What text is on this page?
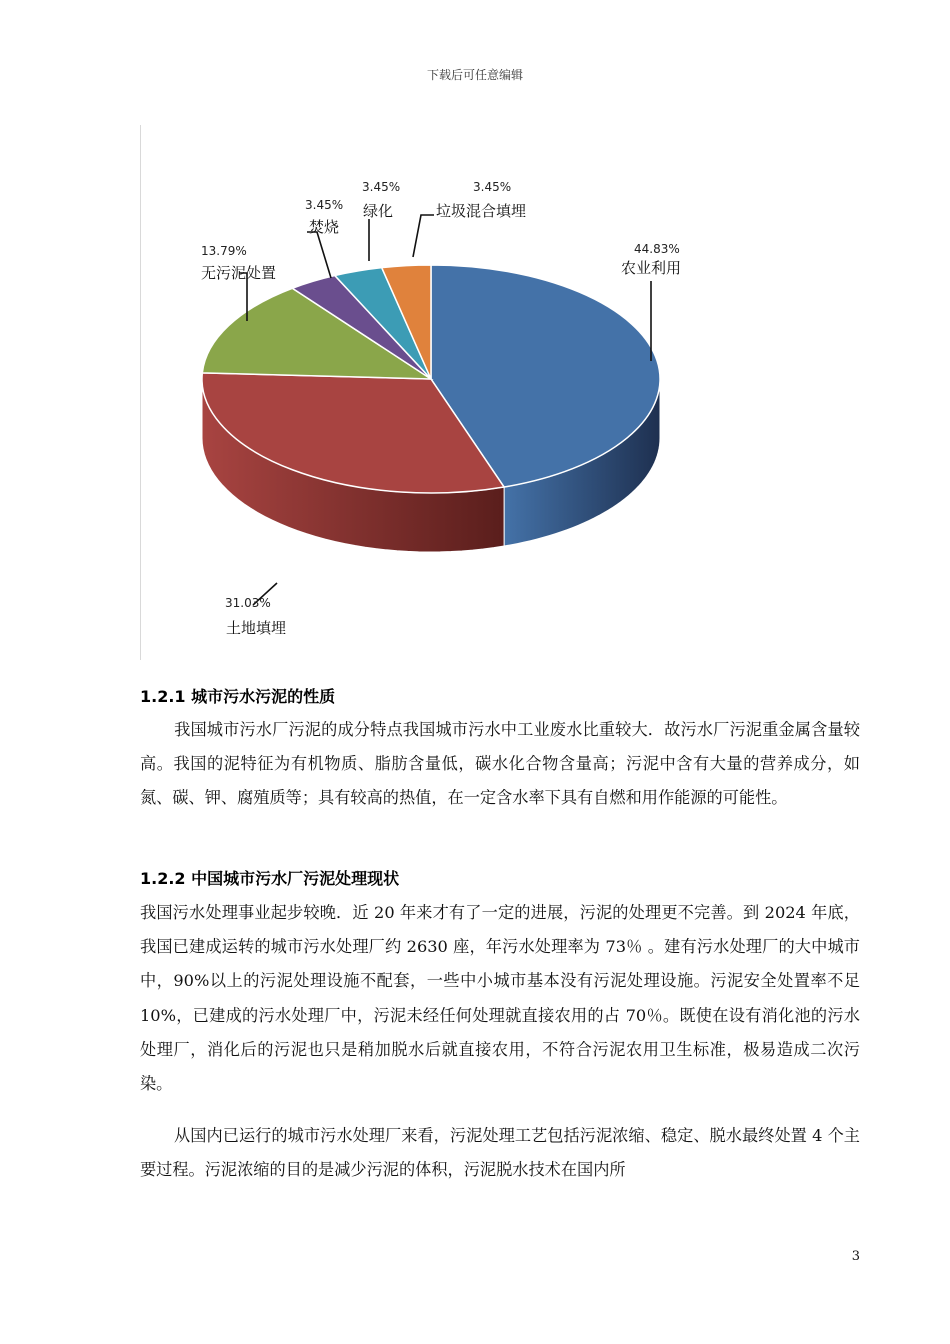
下载后可任意编辑
44.83%
农业利用
31.03%
土地填埋
13.79%
无污泥处置
3.45%
焚烧
3.45%
绿化
3.45%
垃圾混合填埋
1.2.1 城市污水污泥的性质

我国城市污水厂污泥的成分特点我国城市污水中工业废水比重较大．故污水厂污泥重金属含量较高。我国的泥特征为有机物质、脂肪含量低，碳水化合物含量高；污泥中含有大量的营养成分，如氮、碳、钾、腐殖质等；具有较高的热值，在一定含水率下具有自燃和用作能源的可能性。

1.2.2 中国城市污水厂污泥处理现状

我国污水处理事业起步较晚．近 20 年来才有了一定的进展，污泥的处理更不完善。到 2024 年底，我国已建成运转的城市污水处理厂约 2630 座，年污水处理率为 73％ 。建有污水处理厂的大中城市中，90%以上的污泥处理设施不配套，一些中小城市基本没有污泥处理设施。污泥安全处置率不足 10%，已建成的污水处理厂中，污泥未经任何处理就直接农用的占 70％。既使在设有消化池的污水处理厂，消化后的污泥也只是稍加脱水后就直接农用，不符合污泥农用卫生标准，极易造成二次污染。

从国内已运行的城市污水处理厂来看，污泥处理工艺包括污泥浓缩、稳定、脱水最终处置 4 个主要过程。污泥浓缩的目的是减少污泥的体积，污泥脱水技术在国内所

3
